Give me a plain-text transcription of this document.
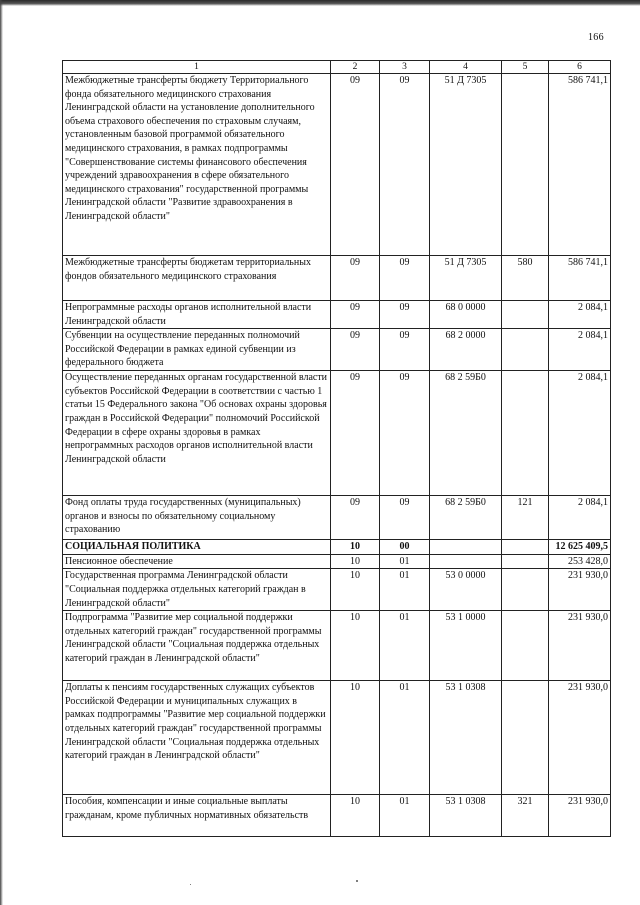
166
1	2	3	4	5	6
Межбюджетные трансферты бюджету Территориального фонда обязательного медицинского страхования Ленинградской области на установление дополнительного объема страхового обеспечения по страховым случаям, установленным базовой программой обязательного медицинского страхования, в рамках подпрограммы "Совершенствование системы финансового обеспечения учреждений здравоохранения в сфере обязательного медицинского страхования" государственной программы Ленинградской области "Развитие здравоохранения в Ленинградской области"	09	09	51 Д 7305		586 741,1
Межбюджетные трансферты бюджетам территориальных фондов обязательного медицинского страхования	09	09	51 Д 7305	580	586 741,1
Непрограммные расходы органов исполнительной власти Ленинградской области	09	09	68 0 0000		2 084,1
Субвенции на осуществление переданных полномочий Российской Федерации в рамках единой субвенции из федерального бюджета	09	09	68 2 0000		2 084,1
Осуществление переданных органам государственной власти субъектов Российской Федерации в соответствии с частью 1 статьи 15 Федерального закона "Об основах охраны здоровья граждан в Российской Федерации" полномочий Российской Федерации в сфере охраны здоровья в рамках непрограммных расходов органов исполнительной власти Ленинградской области	09	09	68 2 59Б0		2 084,1
Фонд оплаты труда государственных (муниципальных) органов и взносы по обязательному социальному страхованию	09	09	68 2 59Б0	121	2 084,1
СОЦИАЛЬНАЯ ПОЛИТИКА	10	00			12 625 409,5
Пенсионное обеспечение	10	01			253 428,0
Государственная программа Ленинградской области "Социальная поддержка отдельных категорий граждан в Ленинградской области"	10	01	53 0 0000		231 930,0
Подпрограмма "Развитие мер социальной поддержки отдельных категорий граждан" государственной программы Ленинградской области "Социальная поддержка отдельных категорий граждан в Ленинградской области"	10	01	53 1 0000		231 930,0
Доплаты к пенсиям государственных служащих субъектов Российской Федерации и муниципальных служащих в рамках подпрограммы "Развитие мер социальной поддержки отдельных категорий граждан" государственной программы Ленинградской области "Социальная поддержка отдельных категорий граждан в Ленинградской области"	10	01	53 1 0308		231 930,0
Пособия, компенсации и иные социальные выплаты гражданам, кроме публичных нормативных обязательств	10	01	53 1 0308	321	231 930,0
